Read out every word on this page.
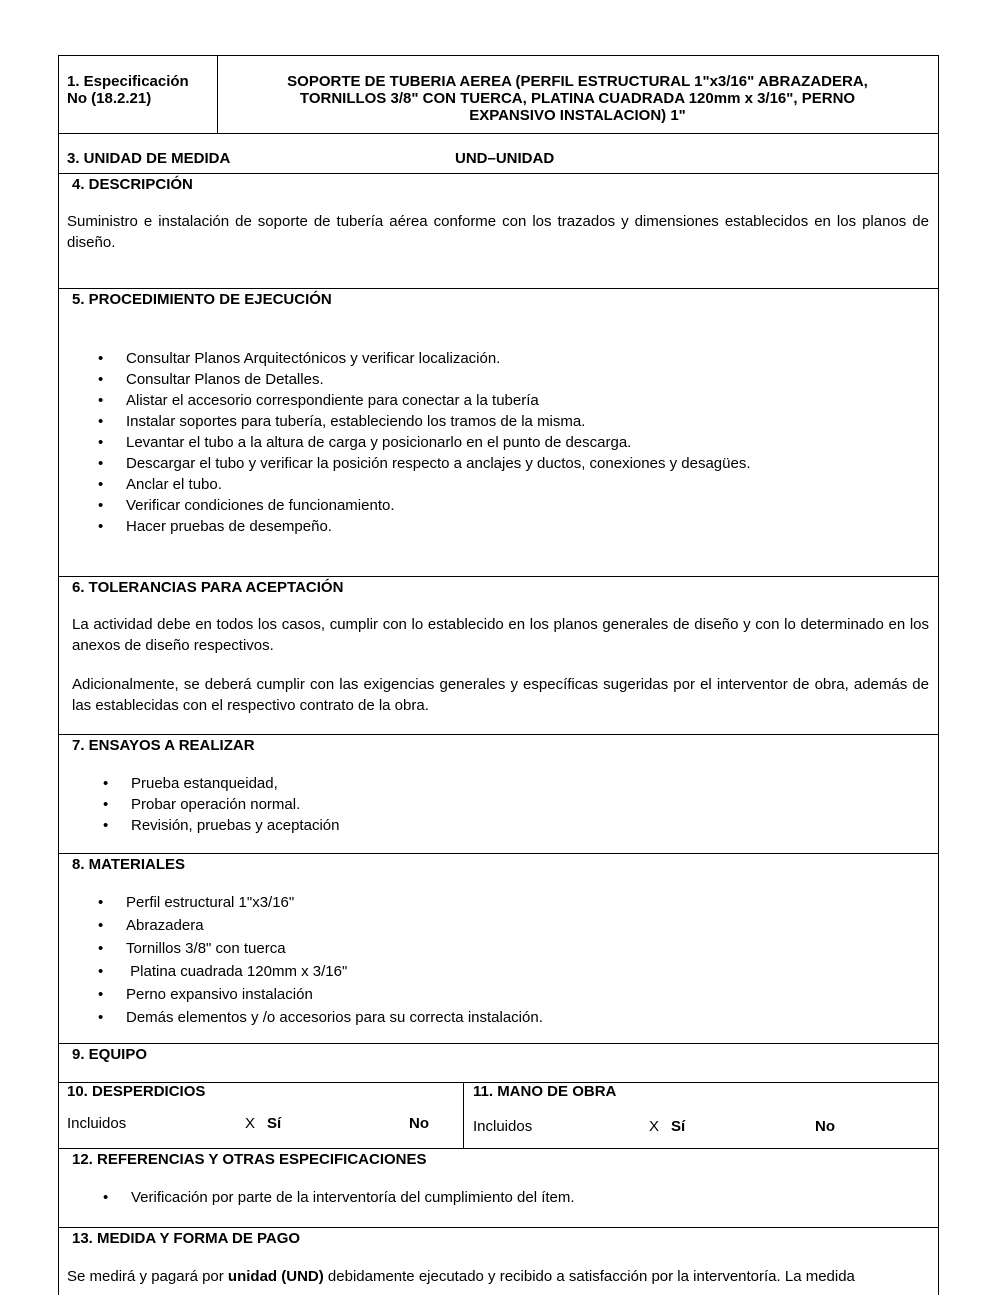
1. Especificación
No (18.2.21)
SOPORTE DE TUBERIA AEREA (PERFIL ESTRUCTURAL 1"x3/16" ABRAZADERA, TORNILLOS 3/8" CON TUERCA, PLATINA CUADRADA 120mm x 3/16", PERNO EXPANSIVO INSTALACION) 1"
3. UNIDAD DE MEDIDA	UND–UNIDAD
4. DESCRIPCIÓN

Suministro e instalación de soporte de tubería aérea conforme con los trazados y dimensiones establecidos en los planos de diseño.

5. PROCEDIMIENTO DE EJECUCIÓN
• Consultar Planos Arquitectónicos y verificar localización.
• Consultar Planos de Detalles.
• Alistar el accesorio correspondiente para conectar a la tubería
• Instalar soportes para tubería, estableciendo los tramos de la misma.
• Levantar el tubo a la altura de carga y posicionarlo en el punto de descarga.
• Descargar el tubo y verificar la posición respecto a anclajes y ductos, conexiones y desagües.
• Anclar el tubo.
• Verificar condiciones de funcionamiento.
• Hacer pruebas de desempeño.
6. TOLERANCIAS PARA ACEPTACIÓN

La actividad debe en todos los casos, cumplir con lo establecido en los planos generales de diseño y con lo determinado en los anexos de diseño respectivos.

Adicionalmente, se deberá cumplir con las exigencias generales y específicas sugeridas por el interventor de obra, además de las establecidas con el respectivo contrato de la obra.

7. ENSAYOS A REALIZAR
• Prueba estanqueidad,
• Probar operación normal.
• Revisión, pruebas y aceptación
8. MATERIALES
• Perfil estructural 1"x3/16"
• Abrazadera
• Tornillos 3/8" con tuerca
•  Platina cuadrada 120mm x 3/16"
• Perno expansivo instalación
• Demás elementos y /o accesorios para su correcta instalación.
9. EQUIPO
10. DESPERDICIOS
Incluidos	X Sí	No
11. MANO DE OBRA
Incluidos	X Sí	No
12. REFERENCIAS Y OTRAS ESPECIFICACIONES
• Verificación por parte de la interventoría del cumplimiento del ítem.
13. MEDIDA Y FORMA DE PAGO

Se medirá y pagará por unidad (UND) debidamente ejecutado y recibido a satisfacción por la interventoría. La medida
